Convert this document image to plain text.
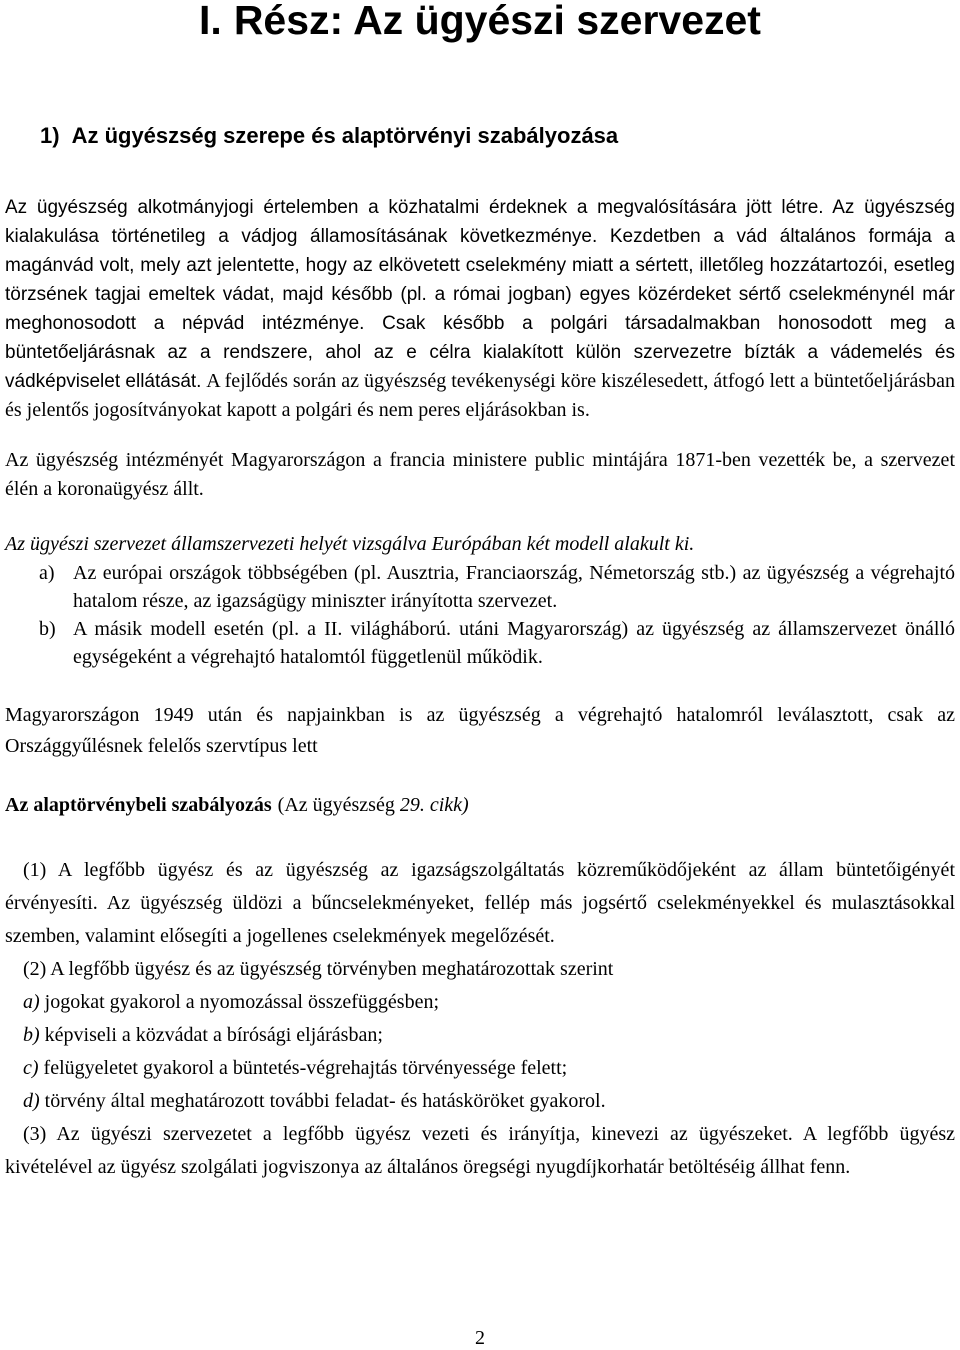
I. Rész: Az ügyészi szervezet
1) Az ügyészség szerepe és alaptörvényi szabályozása

Az ügyészség alkotmányjogi értelemben a közhatalmi érdeknek a megvalósítására jött létre. Az ügyészség kialakulása történetileg a vádjog államosításának következménye. Kezdetben a vád általános formája a magánvád volt, mely azt jelentette, hogy az elkövetett cselekmény miatt a sértett, illetőleg hozzátartozói, esetleg törzsének tagjai emeltek vádat, majd később (pl. a római jogban) egyes közérdeket sértő cselekménynél már meghonosodott a népvád intézménye. Csak később a polgári társadalmakban honosodott meg a büntetőeljárásnak az a rendszere, ahol az e célra kialakított külön szervezetre bízták a vádemelés és vádképviselet ellátását. A fejlődés során az ügyészség tevékenységi köre kiszélesedett, átfogó lett a büntetőeljárásban és jelentős jogosítványokat kapott a polgári és nem peres eljárásokban is.

Az ügyészség intézményét Magyarországon a francia ministere public mintájára 1871-ben vezették be, a szervezet élén a koronaügyész állt.

Az ügyészi szervezet államszervezeti helyét vizsgálva Európában két modell alakult ki.

a) Az európai országok többségében (pl. Ausztria, Franciaország, Németország stb.) az ügyészség a végrehajtó hatalom része, az igazságügy miniszter irányította szervezet.
b) A másik modell esetén (pl. a II. világháború. utáni Magyarország) az ügyészség az államszervezet önálló egységeként a végrehajtó hatalomtól függetlenül működik.

Magyarországon 1949 után és napjainkban is az ügyészség a végrehajtó hatalomról leválasztott, csak az Országgyűlésnek felelős szervtípus lett

Az alaptörvénybeli szabályozás (Az ügyészség 29. cikk)

(1) A legfőbb ügyész és az ügyészség az igazságszolgáltatás közreműködőjeként az állam büntetőigényét érvényesíti. Az ügyészség üldözi a bűncselekményeket, fellép más jogsértő cselekményekkel és mulasztásokkal szemben, valamint elősegíti a jogellenes cselekmények megelőzését.

(2) A legfőbb ügyész és az ügyészség törvényben meghatározottak szerint

a) jogokat gyakorol a nyomozással összefüggésben;

b) képviseli a közvádat a bírósági eljárásban;

c) felügyeletet gyakorol a büntetés-végrehajtás törvényessége felett;

d) törvény által meghatározott további feladat- és hatásköröket gyakorol.

(3) Az ügyészi szervezetet a legfőbb ügyész vezeti és irányítja, kinevezi az ügyészeket. A legfőbb ügyész kivételével az ügyész szolgálati jogviszonya az általános öregségi nyugdíjkorhatár betöltéséig állhat fenn.

2
